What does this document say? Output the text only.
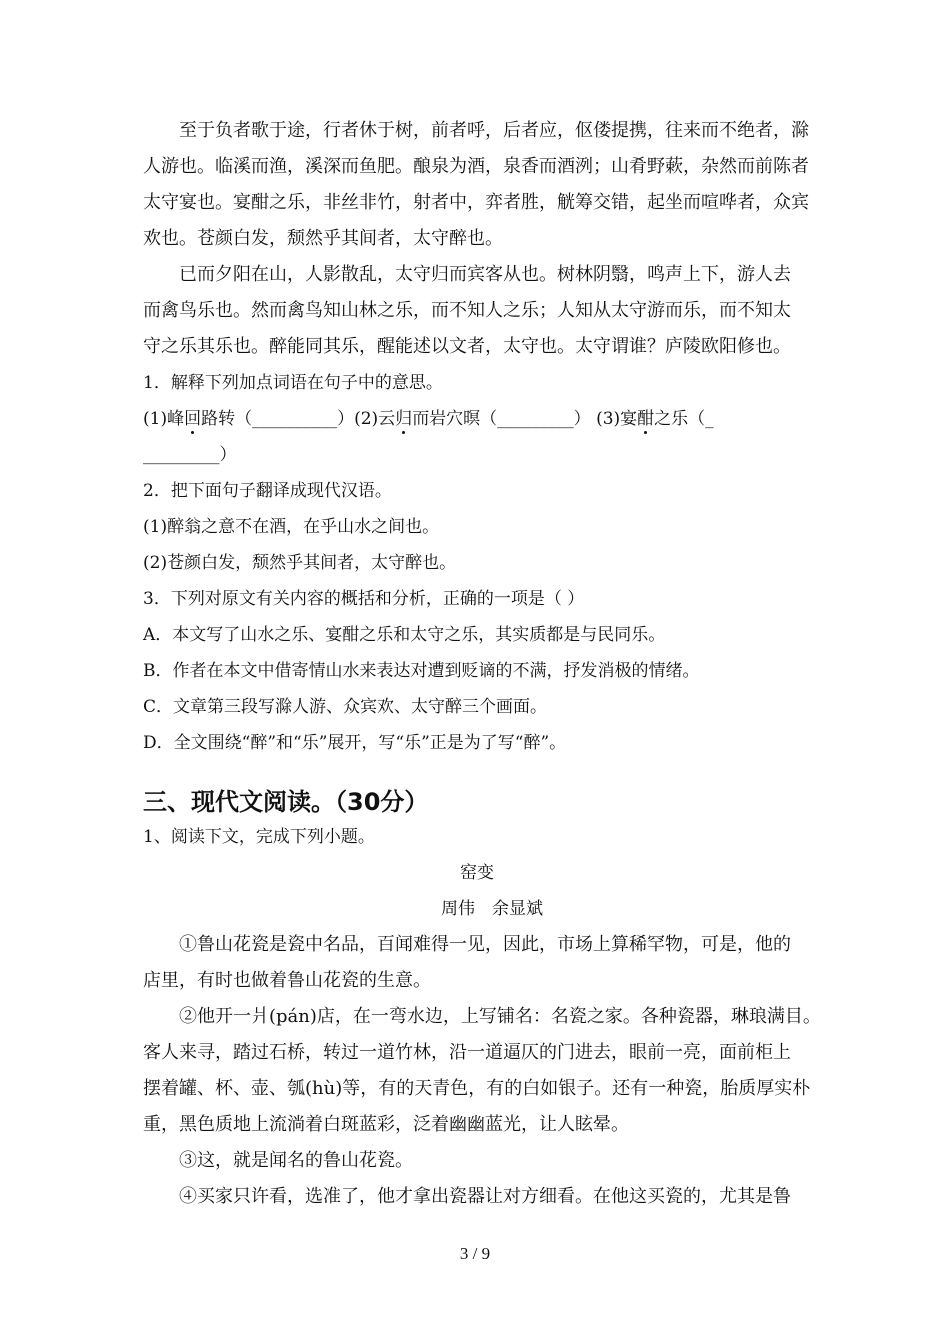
至于负者歌于途，行者休于树，前者呼，后者应，伛偻提携，往来而不绝者，滁
人游也。临溪而渔，溪深而鱼肥。酿泉为酒，泉香而酒洌；山肴野蔌，杂然而前陈者
太守宴也。宴酣之乐，非丝非竹，射者中，弈者胜，觥筹交错，起坐而喧哗者，众宾
欢也。苍颜白发，颓然乎其间者，太守醉也。
已而夕阳在山，人影散乱，太守归而宾客从也。树林阴翳，鸣声上下，游人去
而禽鸟乐也。然而禽鸟知山林之乐，而不知人之乐；人知从太守游而乐，而不知太
守之乐其乐也。醉能同其乐，醒能述以文者，太守也。太守谓谁？庐陵欧阳修也。
1．解释下列加点词语在句子中的意思。
(1)峰回路转（__________）(2)云归而岩穴暝（_________） (3)宴酣之乐（_
_________）
2．把下面句子翻译成现代汉语。
(1)醉翁之意不在酒，在乎山水之间也。
(2)苍颜白发，颓然乎其间者，太守醉也。
3．下列对原文有关内容的概括和分析，正确的一项是（ ）
A．本文写了山水之乐、宴酣之乐和太守之乐，其实质都是与民同乐。
B．作者在本文中借寄情山水来表达对遭到贬谪的不满，抒发消极的情绪。
C．文章第三段写滁人游、众宾欢、太守醉三个画面。
D．全文围绕“醉”和“乐”展开，写“乐”正是为了写“醉”。
三、现代文阅读。（30分）
1、阅读下文，完成下列小题。
窑变
周伟　余显斌
①鲁山花瓷是瓷中名品，百闻难得一见，因此，市场上算稀罕物，可是，他的
店里，有时也做着鲁山花瓷的生意。
②他开一爿(pán)店，在一弯水边，上写铺名：名瓷之家。各种瓷器，琳琅满目。
客人来寻，踏过石桥，转过一道竹林，沿一道逼仄的门进去，眼前一亮，面前柜上
摆着罐、杯、壶、瓠(hù)等，有的天青色，有的白如银子。还有一种瓷，胎质厚实朴
重，黑色质地上流淌着白斑蓝彩，泛着幽幽蓝光，让人眩晕。
③这，就是闻名的鲁山花瓷。
④买家只许看，选准了，他才拿出瓷器让对方细看。在他这买瓷的，尤其是鲁
3 / 9
